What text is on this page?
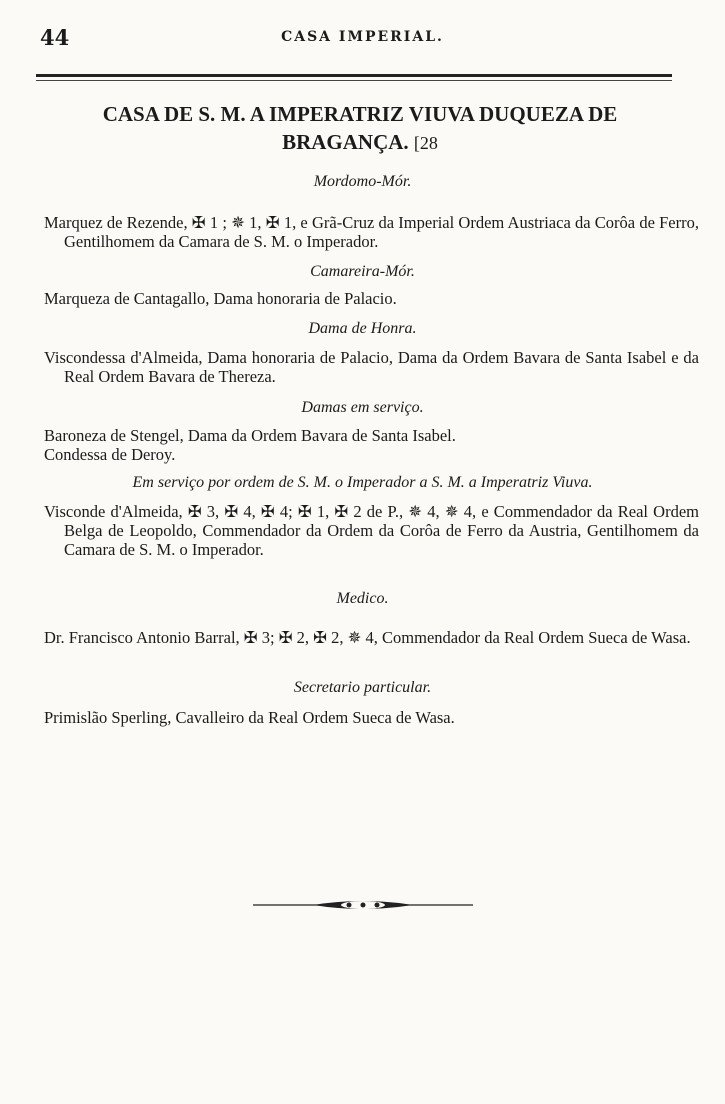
44	CASA IMPERIAL.
CASA DE S. M. A IMPERATRIZ VIUVA DUQUEZA DE
BRAGANÇA. [28
Mordomo-Mór.
Marquez de Rezende, ✠ 1 ; ✵ 1, ✠ 1, e Grã-Cruz da Imperial Ordem Austriaca da Corôa de Ferro, Gentilhomem da Camara de S. M. o Imperador.
Camareira-Mór.
Marqueza de Cantagallo, Dama honoraria de Palacio.
Dama de Honra.
Viscondessa d'Almeida, Dama honoraria de Palacio, Dama da Ordem Bavara de Santa Isabel e da Real Ordem Bavara de Thereza.
Damas em serviço.
Baroneza de Stengel, Dama da Ordem Bavara de Santa Isabel.
Condessa de Deroy.
Em serviço por ordem de S. M. o Imperador a S. M. a Imperatriz Viuva.
Visconde d'Almeida, ✠ 3, ✠ 4, ✠ 4; ✠ 1, ✠ 2 de P., ✵ 4, ✵ 4, e Commendador da Real Ordem Belga de Leopoldo, Commendador da Ordem da Corôa de Ferro da Austria, Gentilhomem da Camara de S. M. o Imperador.
Medico.
Dr. Francisco Antonio Barral, ✠ 3; ✠ 2, ✠ 2, ✵ 4, Commendador da Real Ordem Sueca de Wasa.
Secretario particular.
Primislão Sperling, Cavalleiro da Real Ordem Sueca de Wasa.
